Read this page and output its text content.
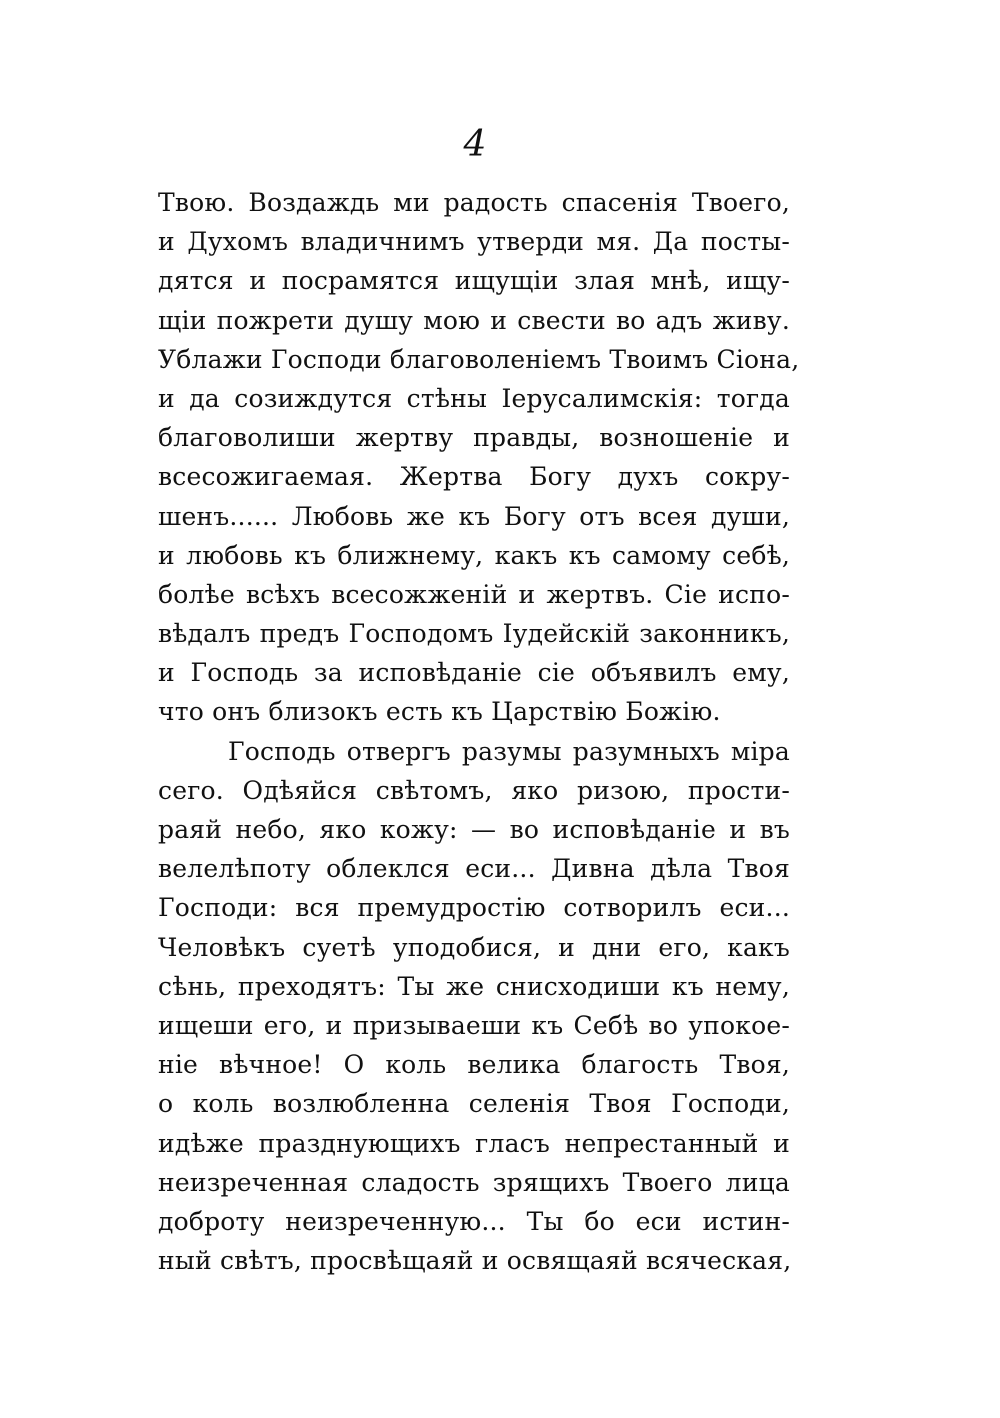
4
Твою. Воздаждь ми радость спасенія Твоего,
и Духомъ владичнимъ утверди мя. Да посты-
дятся и посрамятся ищущіи злая мнѣ, ищу-
щіи пожрети душу мою и свести во адъ живу.
Ублажи Господи благоволеніемъ Твоимъ Сіона,
и да созиждутся стѣны Іерусалимскія: тогда
благоволиши жертву правды, возношеніе и
всесожигаемая. Жертва Богу духъ сокру-
шенъ...... Любовь же къ Богу отъ всея души,
и любовь къ ближнему, какъ къ самому себѣ,
болѣе всѣхъ всесожженій и жертвъ. Сіе испо-
вѣдалъ предъ Господомъ Іудейскій законникъ,
и Господь за исповѣданіе сіе объявилъ ему,
что онъ близокъ есть къ Царствію Божію.
Господь отвергъ разумы разумныхъ міра
сего. Одѣяйся свѣтомъ, яко ризою, прости-
раяй небо, яко кожу: — во исповѣданіе и въ
велелѣпоту облеклся еси... Дивна дѣла Твоя
Господи: вся премудростію сотворилъ еси...
Человѣкъ суетѣ уподобися, и дни его, какъ
сѣнь, преходятъ: Ты же снисходиши къ нему,
ищеши его, и призываеши къ Себѣ во упокое-
ніе вѣчное! О коль велика благость Твоя,
о коль возлюбленна селенія Твоя Господи,
идѣже празднующихъ гласъ непрестанный и
неизреченная сладость зрящихъ Твоего лица
доброту неизреченную... Ты бо еси истин-
ный свѣтъ, просвѣщаяй и освящаяй всяческая,
